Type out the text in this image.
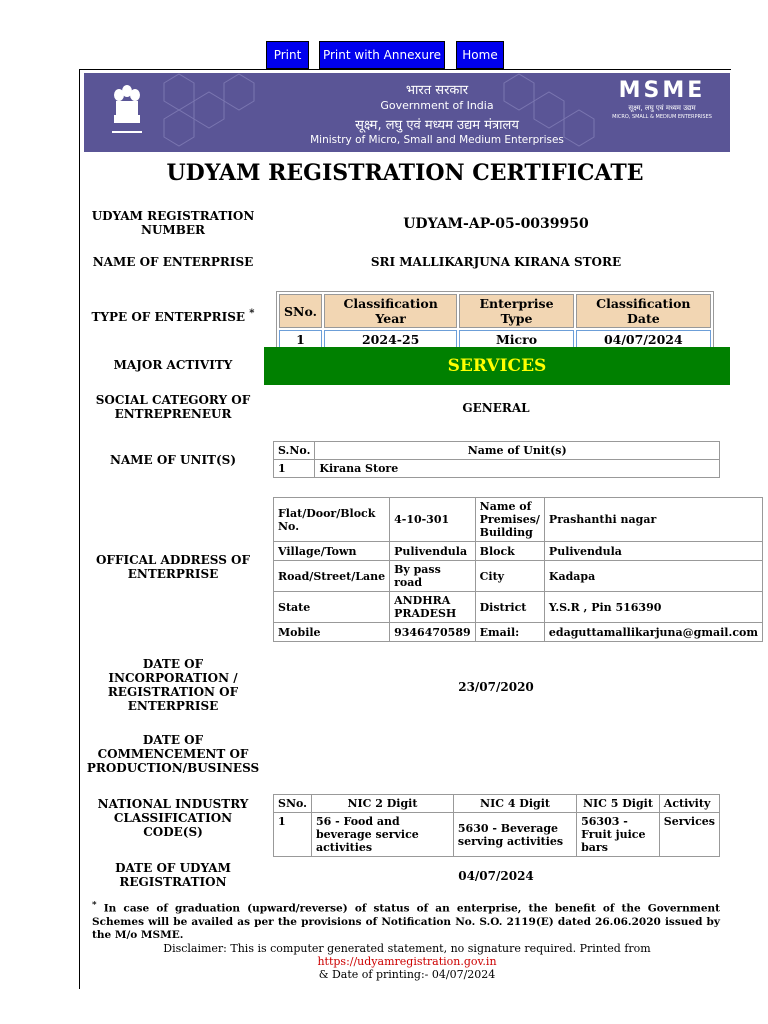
Print	Print with Annexure	Home
भारत सरकार
Government of India
सूक्ष्म, लघु एवं मध्यम उद्यम मंत्रालय
Ministry of Micro, Small and Medium Enterprises
MSME
सूक्ष्म, लघु एवं मध्यम उद्यम
MICRO, SMALL & MEDIUM ENTERPRISES
UDYAM REGISTRATION CERTIFICATE
UDYAM REGISTRATION NUMBER	UDYAM-AP-05-0039950
NAME OF ENTERPRISE	SRI MALLIKARJUNA KIRANA STORE
TYPE OF ENTERPRISE *	SNo.	Classification Year	Enterprise Type	Classification Date
1	2024-25	Micro	04/07/2024
MAJOR ACTIVITY	SERVICES
SOCIAL CATEGORY OF ENTREPRENEUR	GENERAL
NAME OF UNIT(S)
S.No.	Name of Unit(s)
1	Kirana Store
OFFICAL ADDRESS OF ENTERPRISE
Flat/Door/Block No.	4-10-301	Name of Premises/ Building	Prashanthi nagar
Village/Town	Pulivendula	Block	Pulivendula
Road/Street/Lane	By pass road	City	Kadapa
State	ANDHRA PRADESH	District	Y.S.R , Pin 516390
Mobile	9346470589	Email:	edaguttamallikarjuna@gmail.com
DATE OF INCORPORATION / REGISTRATION OF ENTERPRISE
23/07/2020
DATE OF COMMENCEMENT OF PRODUCTION/BUSINESS
NATIONAL INDUSTRY CLASSIFICATION CODE(S)
SNo.	NIC 2 Digit	NIC 4 Digit	NIC 5 Digit	Activity
1	56 - Food and beverage service activities	5630 - Beverage serving activities	56303 - Fruit juice bars	Services
DATE OF UDYAM REGISTRATION	04/07/2024
* In case of graduation (upward/reverse) of status of an enterprise, the benefit of the Government Schemes will be availed as per the provisions of Notification No. S.O. 2119(E) dated 26.06.2020 issued by the M/o MSME.
Disclaimer: This is computer generated statement, no signature required. Printed from https://udyamregistration.gov.in
& Date of printing:- 04/07/2024
